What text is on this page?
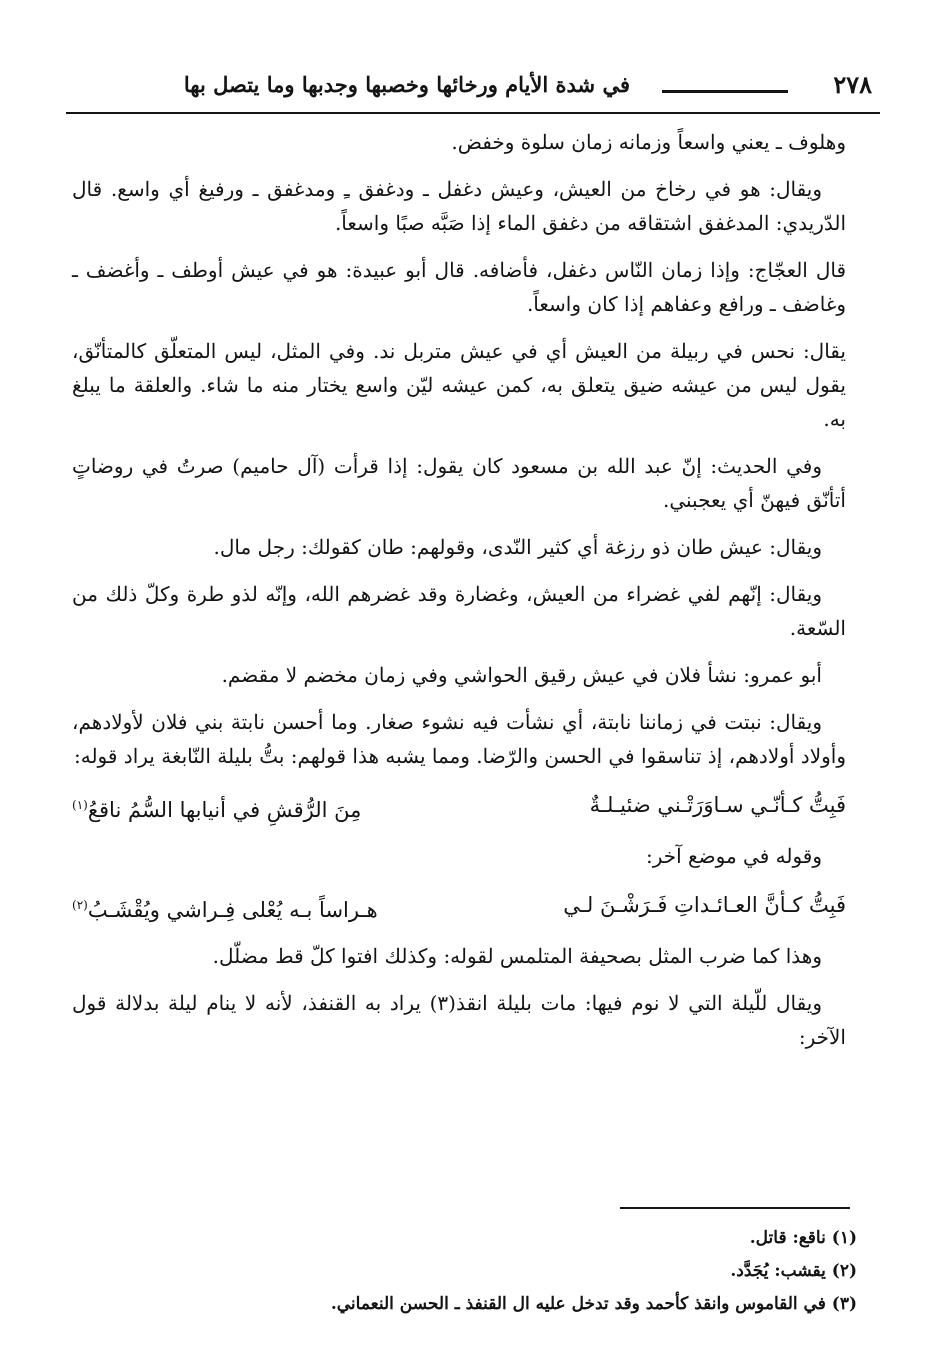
٢٧٨
في شدة الأيام ورخائها وخصبها وجدبها وما يتصل بها

وهلوف ـ يعني واسعاً وزمانه زمان سلوة وخفض.

ويقال: هو في رخاخ من العيش، وعيش دغفل ـ ودغفق ـِ ومدغفق ـ ورفيغ أي واسع. قال الدّريدي: المدغفق اشتقاقه من دغفق الماء إذا صَبَّه صبًا واسعاً.

قال العجّاج: وإذا زمان النّاس دغفل، فأضافه. قال أبو عبيدة: هو في عيش أوطف ـ وأغضف ـ وغاضف ـ ورافع وعفاهم إذا كان واسعاً.

يقال: نحس في ربيلة من العيش أي في عيش متربل ند. وفي المثل، ليس المتعلّق كالمتأنّق، يقول ليس من عيشه ضيق يتعلق به، كمن عيشه ليّن واسع يختار منه ما شاء. والعلقة ما يبلغ به.

وفي الحديث: إنّ عبد الله بن مسعود كان يقول: إذا قرأت (آل حاميم) صرتُ في روضاتٍ أتأنّق فيهنّ أي يعجبني.

ويقال: عيش طان ذو رزغة أي كثير النّدى، وقولهم: طان كقولك: رجل مال.

ويقال: إنّهم لفي غضراء من العيش، وغضارة وقد غضرهم الله، وإنّه لذو طرة وكلّ ذلك من السّعة.

أبو عمرو: نشأ فلان في عيش رقيق الحواشي وفي زمان مخضم لا مقضم.

ويقال: نبتت في زماننا نابتة، أي نشأت فيه نشوء صغار. وما أحسن نابتة بني فلان لأولادهم، وأولاد أولادهم، إذ تناسقوا في الحسن والرّضا. ومما يشبه هذا قولهم: بتُّ بليلة النّابغة يراد قوله:

فَبِتُّ كـأنّـي سـاوَرَتْـني ضئيـلـةٌ
مِنَ الرُّقشِ في أنيابها السُّمُ ناقعُ$^{(١)}$

وقوله في موضع آخر:

فَبِتُّ كـأنَّ العـائـداتِ فَـرَشْـنَ لـي
هـراساً بـه يُعْلى فِـراشي ويُقْشَـبُ$^{(٢)}$

وهذا كما ضرب المثل بصحيفة المتلمس لقوله: وكذلك افتوا كلّ قط مضلّل.

ويقال للّيلة التي لا نوم فيها: مات بليلة انقذ(٣) يراد به القنفذ، لأنه لا ينام ليلة بدلالة قول الآخر:

(١) ناقع: قاتل.
(٢) يقشب: يُجَدَّد.
(٣) في القاموس وانقذ كأحمد وقد تدخل عليه ال القنفذ ـ الحسن النعماني.
